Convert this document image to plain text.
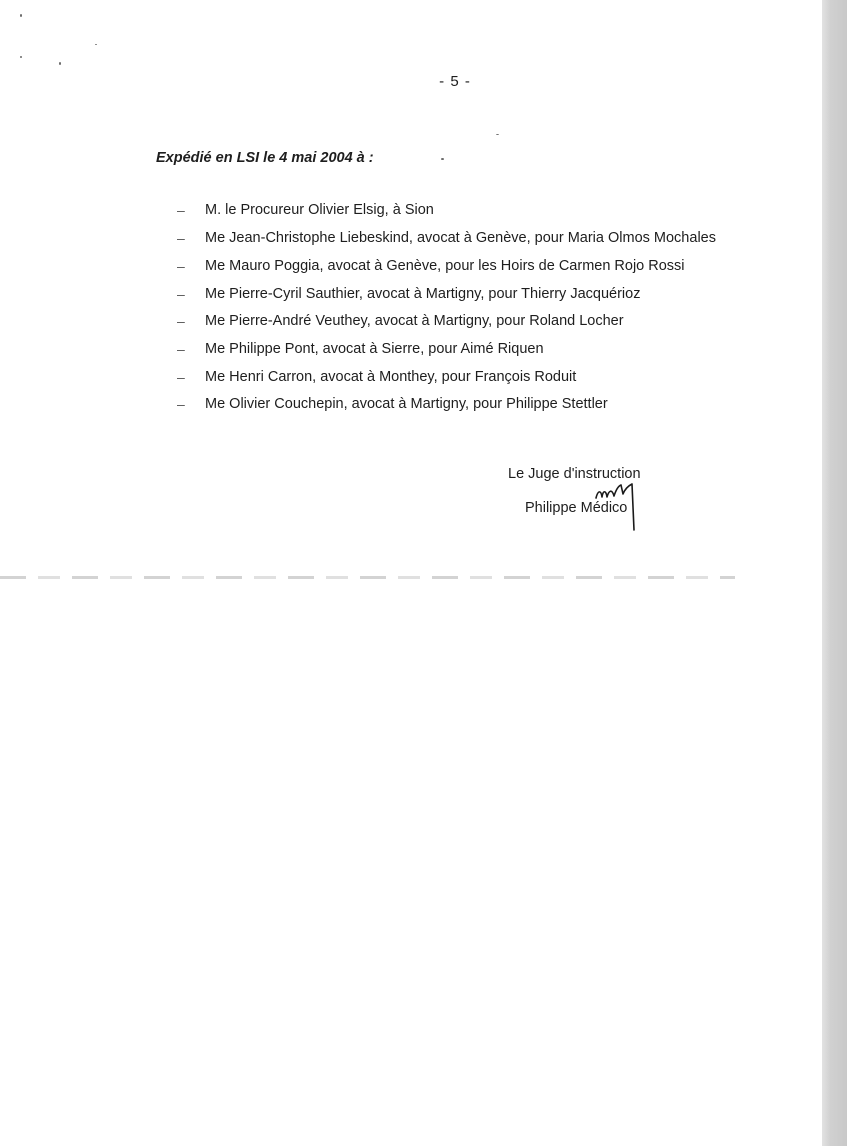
- 5 -
Expédié en LSI le 4 mai 2004 à :
– M. le Procureur Olivier Elsig, à Sion
– Me Jean-Christophe Liebeskind, avocat à Genève, pour Maria Olmos Mochales
– Me Mauro Poggia, avocat à Genève, pour les Hoirs de Carmen Rojo Rossi
– Me Pierre-Cyril Sauthier, avocat à Martigny, pour Thierry Jacquérioz
– Me Pierre-André Veuthey, avocat à Martigny, pour Roland Locher
– Me Philippe Pont, avocat à Sierre, pour Aimé Riquen
– Me Henri Carron, avocat à Monthey, pour François Roduit
– Me Olivier Couchepin, avocat à Martigny, pour Philippe Stettler
Le Juge d'instruction
Philippe Médico
